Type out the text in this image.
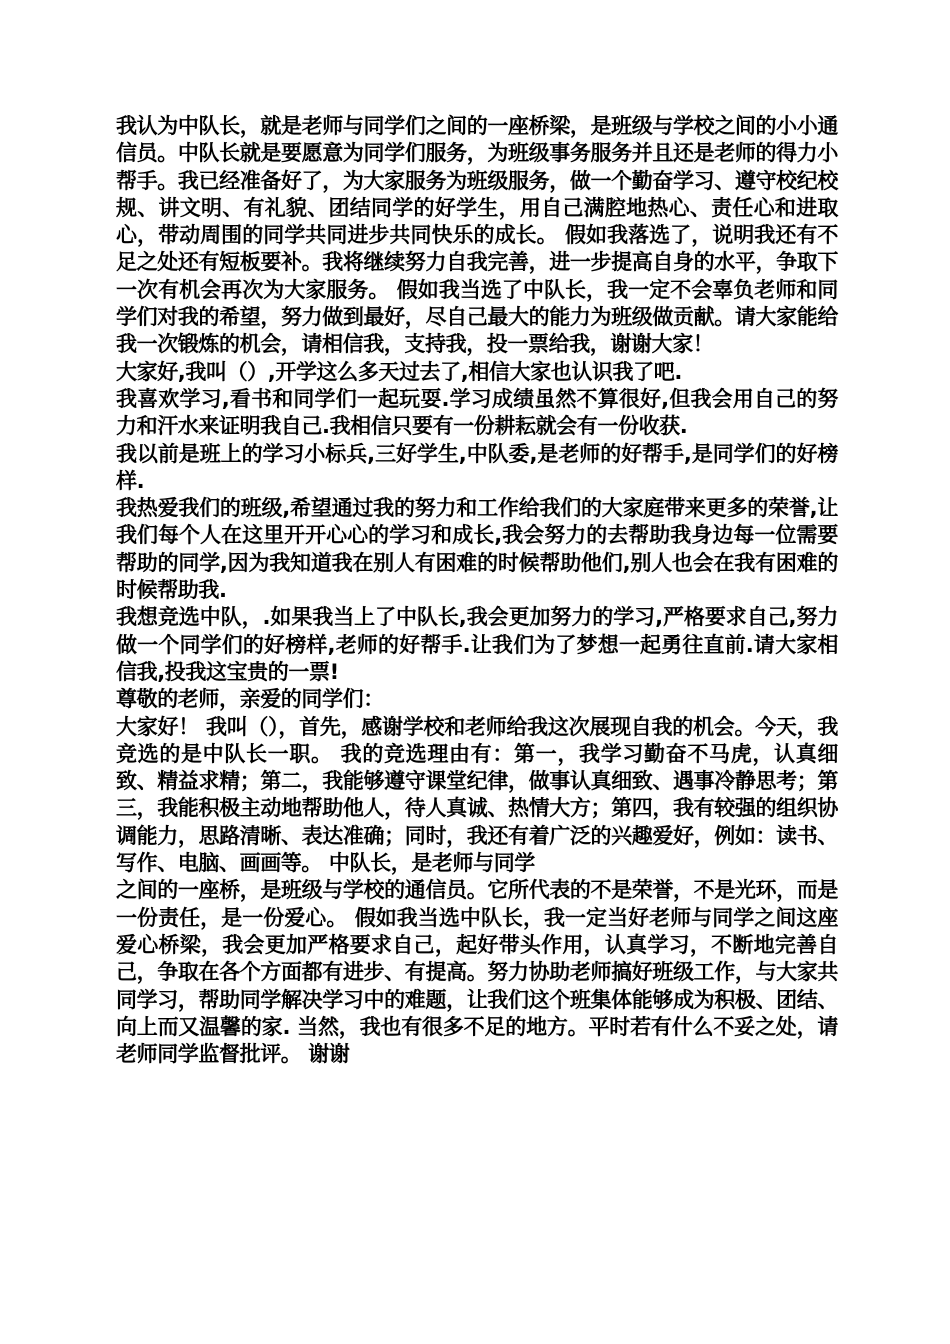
我认为中队长，就是老师与同学们之间的一座桥梁，是班级与学校之间的小小通信员。中队长就是要愿意为同学们服务，为班级事务服务并且还是老师的得力小帮手。我已经准备好了，为大家服务为班级服务，做一个勤奋学习、遵守校纪校规、讲文明、有礼貌、团结同学的好学生，用自己满腔地热心、责任心和进取心，带动周围的同学共同进步共同快乐的成长。 假如我落选了，说明我还有不足之处还有短板要补。我将继续努力自我完善，进一步提高自身的水平，争取下一次有机会再次为大家服务。 假如我当选了中队长，我一定不会辜负老师和同学们对我的希望，努力做到最好，尽自己最大的能力为班级做贡献。请大家能给我一次锻炼的机会，请相信我，支持我，投一票给我，谢谢大家！

大家好,我叫（）,开学这么多天过去了,相信大家也认识我了吧.

我喜欢学习,看书和同学们一起玩耍.学习成绩虽然不算很好,但我会用自己的努力和汗水来证明我自己.我相信只要有一份耕耘就会有一份收获.

我以前是班上的学习小标兵,三好学生,中队委,是老师的好帮手,是同学们的好榜样.

我热爱我们的班级,希望通过我的努力和工作给我们的大家庭带来更多的荣誉,让我们每个人在这里开开心心的学习和成长,我会努力的去帮助我身边每一位需要帮助的同学,因为我知道我在别人有困难的时候帮助他们,别人也会在我有困难的时候帮助我.

我想竞选中队，.如果我当上了中队长,我会更加努力的学习,严格要求自己,努力做一个同学们的好榜样,老师的好帮手.让我们为了梦想一起勇往直前.请大家相信我,投我这宝贵的一票!

尊敬的老师，亲爱的同学们：

大家好！ 我叫（），首先，感谢学校和老师给我这次展现自我的机会。今天，我竞选的是中队长一职。 我的竞选理由有：第一，我学习勤奋不马虎，认真细致、精益求精；第二，我能够遵守课堂纪律，做事认真细致、遇事冷静思考；第三，我能积极主动地帮助他人，待人真诚、热情大方；第四，我有较强的组织协调能力，思路清晰、表达准确；同时，我还有着广泛的兴趣爱好，例如：读书、 写作、电脑、画画等。 中队长，是老师与同学

之间的一座桥，是班级与学校的通信员。它所代表的不是荣誉，不是光环，而是一份责任，是一份爱心。 假如我当选中队长，我一定当好老师与同学之间这座爱心桥梁，我会更加严格要求自己，起好带头作用，认真学习，不断地完善自己，争取在各个方面都有进步、有提高。努力协助老师搞好班级工作，与大家共同学习，帮助同学解决学习中的难题，让我们这个班集体能够成为积极、团结、向上而又温馨的家. 当然，我也有很多不足的地方。平时若有什么不妥之处，请老师同学监督批评。 谢谢
